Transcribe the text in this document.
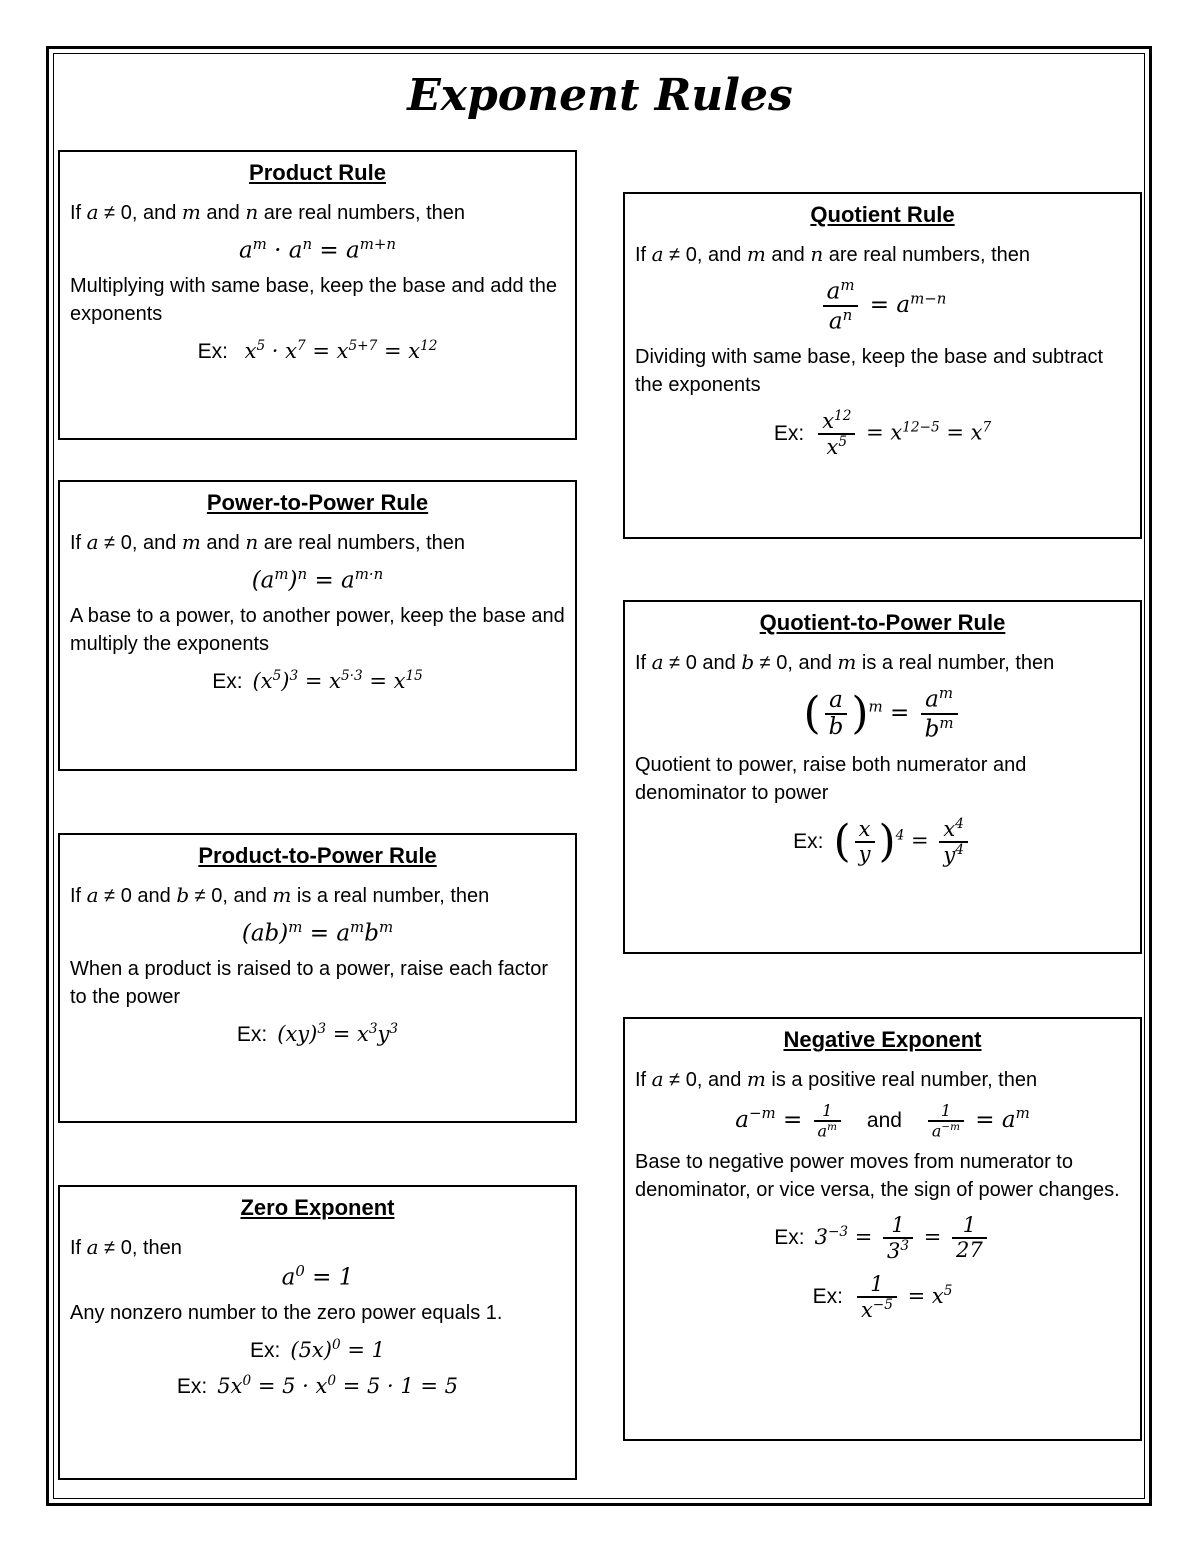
Exponent Rules
Product Rule

If a ≠ 0, and m and n are real numbers, then

$a^m \cdot a^n = a^{m+n}$

Multiplying with same base, keep the base and add the exponents

Ex: $x^5 \cdot x^7 = x^{5+7} = x^{12}$
Power-to-Power Rule

If a ≠ 0, and m and n are real numbers, then

$(a^m)^n = a^{m\cdot n}$

A base to a power, to another power, keep the base and multiply the exponents

Ex: $(x^5)^3 = x^{5\cdot 3} = x^{15}$
Product-to-Power Rule

If a ≠ 0 and b ≠ 0, and m is a real number, then

$(ab)^m = a^mb^m$

When a product is raised to a power, raise each factor to the power

Ex: $(xy)^3 = x^3y^3$
Zero Exponent

If a ≠ 0, then

$a^0 = 1$

Any nonzero number to the zero power equals 1.

Ex: $(5x)^0 = 1$
Ex: $5x^0 = 5 \cdot x^0 = 5 \cdot 1 = 5$
Quotient Rule

If a ≠ 0, and m and n are real numbers, then

$\frac{a^m}{a^n} = a^{m-n}$

Dividing with same base, keep the base and subtract the exponents

Ex: $\frac{x^{12}}{x^5} = x^{12-5} = x^7$
Quotient-to-Power Rule

If a ≠ 0 and b ≠ 0, and m is a real number, then

( $\frac{a}{b} )^m = \frac{a^m}{b^m}$

Quotient to power, raise both numerator and denominator to power

Ex: ( $\frac{x}{y} )^4 = \frac{x^4}{y^4}$
Negative Exponent

If a ≠ 0, and m is a positive real number, then

$a^{-m} = \frac{1}{a^m}$ and $\frac{1}{a^{-m}} = a^m$

Base to negative power moves from numerator to denominator, or vice versa, the sign of power changes.

Ex: $3^{-3} = \frac{1}{3^3} = \frac{1}{27}$
Ex: $\frac{1}{x^{-5}} = x^5$
